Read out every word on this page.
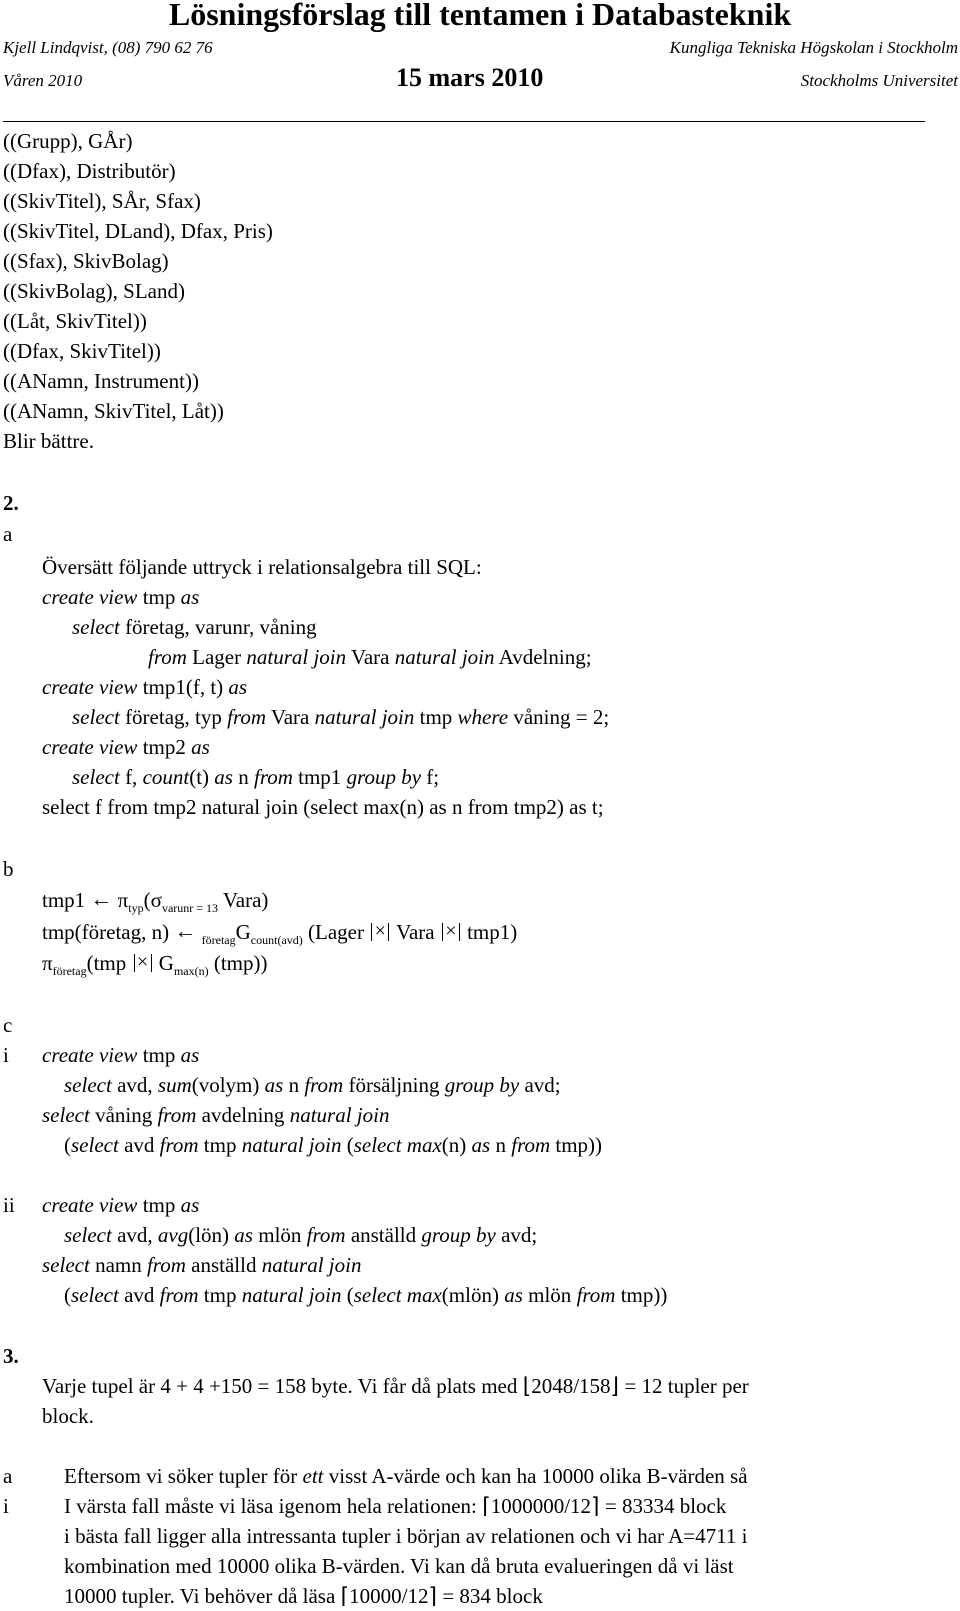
Lösningsförslag till tentamen i Databasteknik
Kjell Lindqvist, (08) 790 62 76	Kungliga Tekniska Högskolan i Stockholm
Våren 2010	15 mars 2010	Stockholms Universitet
((Grupp), GÅr)
((Dfax), Distributör)
((SkivTitel), SÅr, Sfax)
((SkivTitel, DLand), Dfax, Pris)
((Sfax), SkivBolag)
((SkivBolag), SLand)
((Låt, SkivTitel))
((Dfax, SkivTitel))
((ANamn, Instrument))
((ANamn, SkivTitel, Låt))
Blir bättre.
2.
a
Översätt följande uttryck i relationsalgebra till SQL:
create view tmp as
select företag, varunr, våning
from Lager natural join Vara natural join Avdelning;
create view tmp1(f, t) as
select företag, typ from Vara natural join tmp where våning = 2;
create view tmp2 as
select f, count(t) as n from tmp1 group by f;
select f from tmp2 natural join (select max(n) as n from tmp2) as t;
b
tmp1 ← $\pi_{typ}(\sigma_{varunr = 13}$ Vara)
tmp(företag, n) ← $_{företag}G_{count(avd)}$ (Lager × Vara × tmp1)
$\pi_{företag}(tmp \times G_{max(n)}$ (tmp))
c
i create view tmp as
select avd, sum(volym) as n from försäljning group by avd;
select våning from avdelning natural join
(select avd from tmp natural join (select max(n) as n from tmp))
ii create view tmp as
select avd, avg(lön) as mlön from anställd group by avd;
select namn from anställd natural join
(select avd from tmp natural join (select max(mlön) as mlön from tmp))
3.
Varje tupel är 4 + 4 +150 = 158 byte. Vi får då plats med ⌊2048/158⌋ = 12 tupler per
block.
a
i
Eftersom vi söker tupler för ett visst A-värde och kan ha 10000 olika B-värden så
I värsta fall måste vi läsa igenom hela relationen: ⌈1000000/12⌉ = 83334 block
i bästa fall ligger alla intressanta tupler i början av relationen och vi har A=4711 i
kombination med 10000 olika B-värden. Vi kan då bruta evalueringen då vi läst
10000 tupler. Vi behöver då läsa ⌈10000/12⌉ = 834 block
